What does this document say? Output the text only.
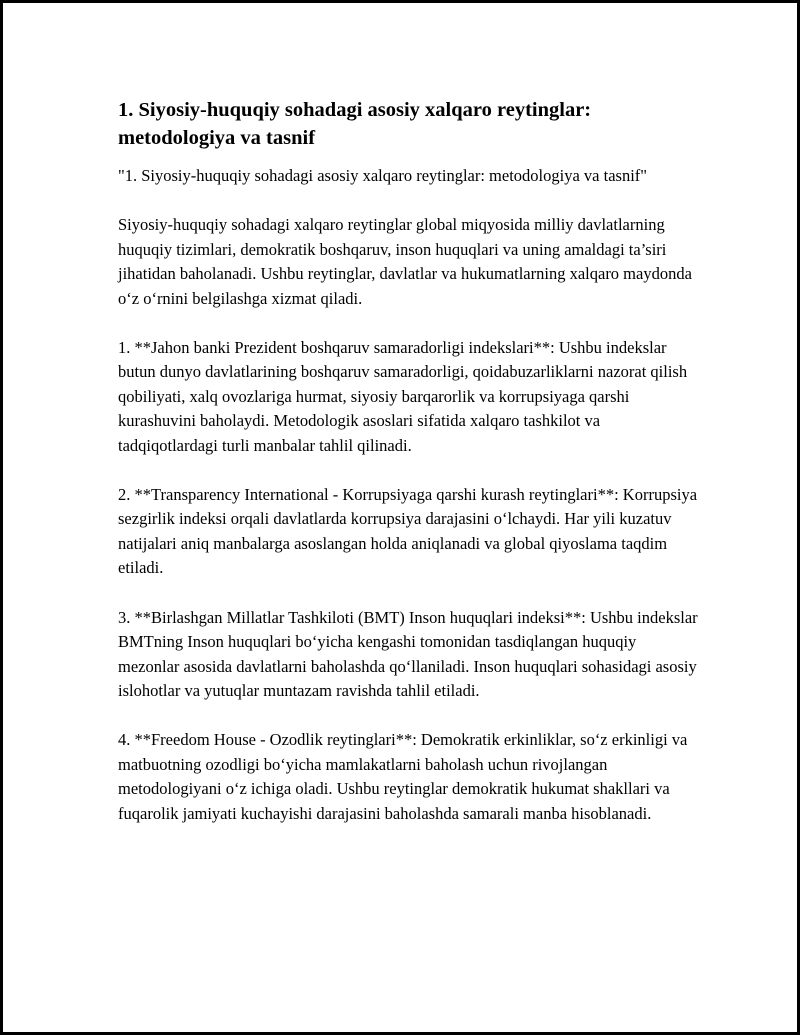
1. Siyosiy-huquqiy sohadagi asosiy xalqaro reytinglar: metodologiya va tasnif

"1. Siyosiy-huquqiy sohadagi asosiy xalqaro reytinglar: metodologiya va tasnif"

Siyosiy-huquqiy sohadagi xalqaro reytinglar global miqyosida milliy davlatlarning huquqiy tizimlari, demokratik boshqaruv, inson huquqlari va uning amaldagi ta’siri jihatidan baholanadi. Ushbu reytinglar, davlatlar va hukumatlarning xalqaro maydonda o‘z o‘rnini belgilashga xizmat qiladi.

1. **Jahon banki Prezident boshqaruv samaradorligi indekslari**: Ushbu indekslar butun dunyo davlatlarining boshqaruv samaradorligi, qoidabuzarliklarni nazorat qilish qobiliyati, xalq ovozlariga hurmat, siyosiy barqarorlik va korrupsiyaga qarshi kurashuvini baholaydi. Metodologik asoslari sifatida xalqaro tashkilot va tadqiqotlardagi turli manbalar tahlil qilinadi.

2. **Transparency International - Korrupsiyaga qarshi kurash reytinglari**: Korrupsiya sezgirlik indeksi orqali davlatlarda korrupsiya darajasini o‘lchaydi. Har yili kuzatuv natijalari aniq manbalarga asoslangan holda aniqlanadi va global qiyoslama taqdim etiladi.

3. **Birlashgan Millatlar Tashkiloti (BMT) Inson huquqlari indeksi**: Ushbu indekslar BMTning Inson huquqlari bo‘yicha kengashi tomonidan tasdiqlangan huquqiy mezonlar asosida davlatlarni baholashda qo‘llaniladi. Inson huquqlari sohasidagi asosiy islohotlar va yutuqlar muntazam ravishda tahlil etiladi.

4. **Freedom House - Ozodlik reytinglari**: Demokratik erkinliklar, so‘z erkinligi va matbuotning ozodligi bo‘yicha mamlakatlarni baholash uchun rivojlangan metodologiyani o‘z ichiga oladi. Ushbu reytinglar demokratik hukumat shakllari va fuqarolik jamiyati kuchayishi darajasini baholashda samarali manba hisoblanadi.
